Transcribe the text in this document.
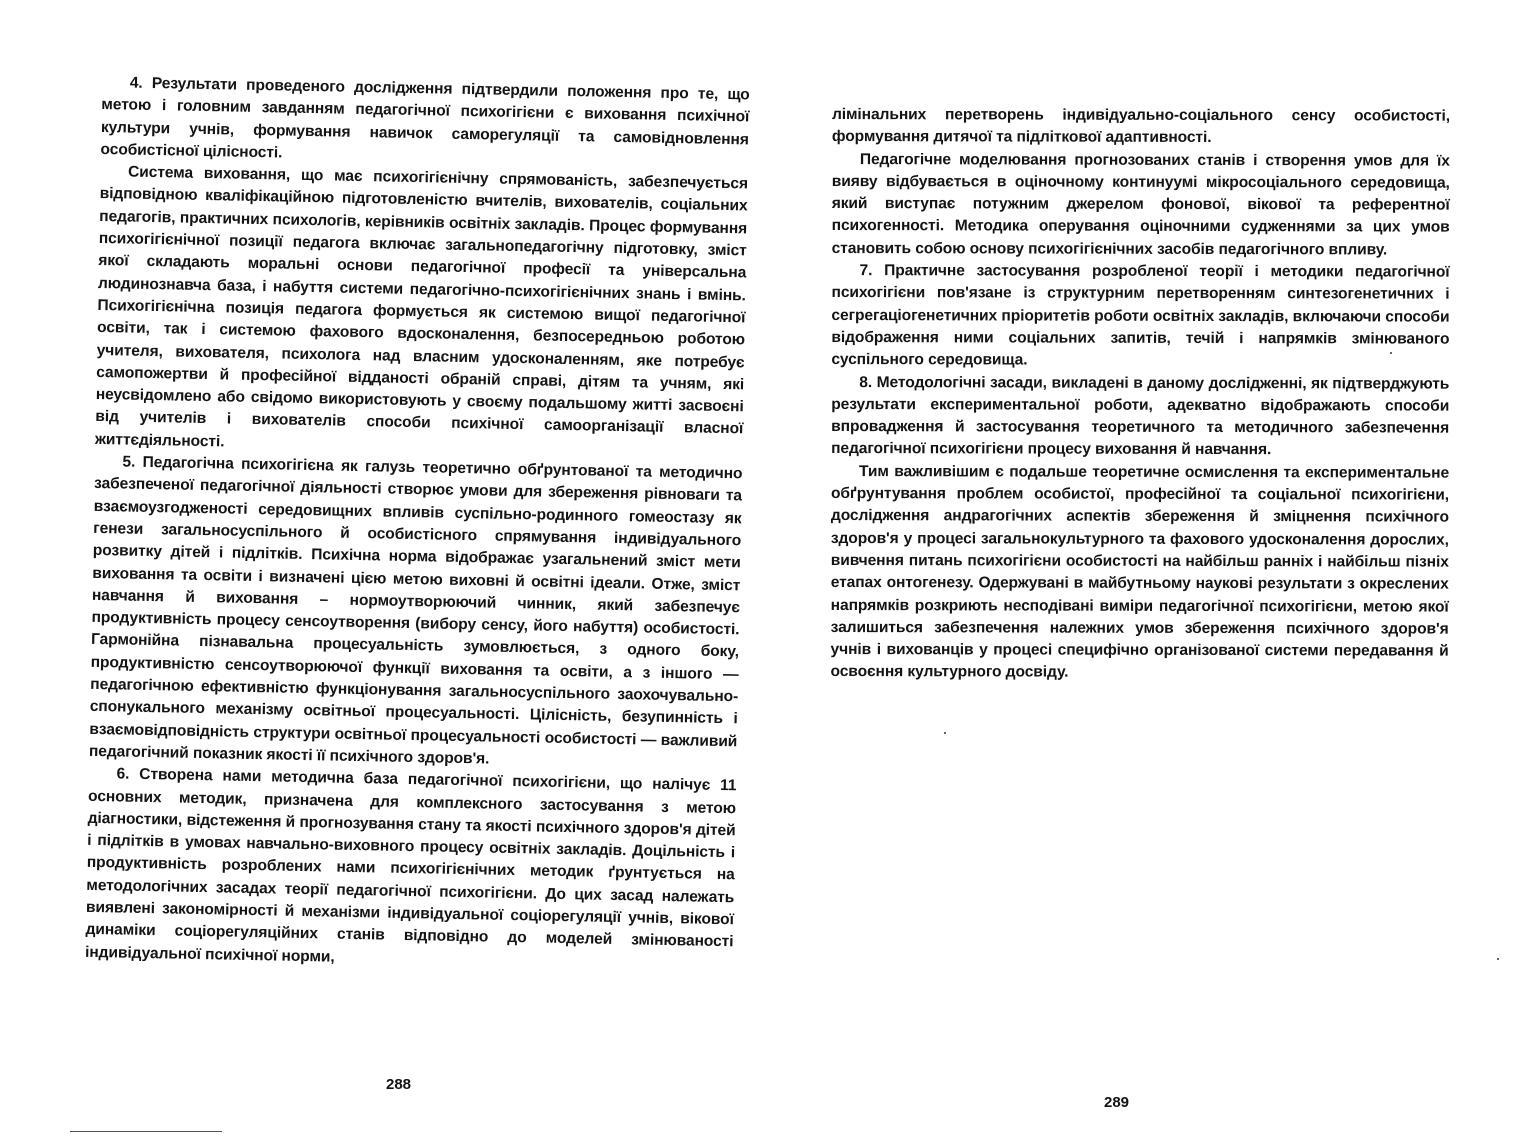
4. Результати проведеного дослідження підтвердили положення про те, що метою і головним завданням педагогічної психогігієни є виховання психічної культури учнів, формування навичок саморегуляції та самовідновлення особистісної цілісності.

Система виховання, що має психогігієнічну спрямованість, забезпечується відповідною кваліфікаційною підготовленістю вчителів, вихователів, соціальних педагогів, практичних психологів, керівників освітніх закладів. Процес формування психогігієнічної позиції педагога включає загальнопедагогічну підготовку, зміст якої складають моральні основи педагогічної професії та універсальна людинознавча база, і набуття системи педагогічно-психогігієнічних знань і вмінь. Психогігієнічна позиція педагога формується як системою вищої педагогічної освіти, так і системою фахового вдосконалення, безпосередньою роботою учителя, вихователя, психолога над власним удосконаленням, яке потребує самопожертви й професійної відданості обраній справі, дітям та учням, які неусвідомлено або свідомо використовують у своєму подальшому житті засвоєні від учителів і вихователів способи психічної самоорганізації власної життєдіяльності.

5. Педагогічна психогігієна як галузь теоретично обґрунтованої та методично забезпеченої педагогічної діяльності створює умови для збереження рівноваги та взаємоузгодженості середовищних впливів суспільно-родинного гомеостазу як генези загальносуспільного й особистісного спрямування індивідуального розвитку дітей і підлітків. Психічна норма відображає узагальнений зміст мети виховання та освіти і визначені цією метою виховні й освітні ідеали. Отже, зміст навчання й виховання – нормоутворюючий чинник, який забезпечує продуктивність процесу сенсоутворення (вибору сенсу, його набуття) особистості. Гармонійна пізнавальна процесуальність зумовлюється, з одного боку, продуктивністю сенсоутворюючої функції виховання та освіти, а з іншого — педагогічною ефективністю функціонування загальносуспільного заохочувально-спонукального механізму освітньої процесуальності. Цілісність, безупинність і взаємовідповідність структури освітньої процесуальності особистості — важливий педагогічний показник якості її психічного здоров'я.

6. Створена нами методична база педагогічної психогігієни, що налічує 11 основних методик, призначена для комплексного застосування з метою діагностики, відстеження й прогнозування стану та якості психічного здоров'я дітей і підлітків в умовах навчально-виховного процесу освітніх закладів. Доцільність і продуктивність розроблених нами психогігієнічних методик ґрунтується на методологічних засадах теорії педагогічної психогігієни. До цих засад належать виявлені закономірності й механізми індивідуальної соціорегуляції учнів, вікової динаміки соціорегуляційних станів відповідно до моделей змінюваності індивідуальної психічної норми,

288

лімінальних перетворень індивідуально-соціального сенсу особистості, формування дитячої та підліткової адаптивності.

Педагогічне моделювання прогнозованих станів і створення умов для їх вияву відбувається в оціночному континуумі мікросоціального середовища, який виступає потужним джерелом фонової, вікової та референтної психогенності. Методика оперування оціночними судженнями за цих умов становить собою основу психогігієнічних засобів педагогічного впливу.

7. Практичне застосування розробленої теорії і методики педагогічної психогігієни пов'язане із структурним перетворенням синтезогенетичних і сегрегаціогенетичних пріоритетів роботи освітніх закладів, включаючи способи відображення ними соціальних запитів, течій і напрямків змінюваного суспільного середовища.

8. Методологічні засади, викладені в даному дослідженні, як підтверджують результати експериментальної роботи, адекватно відображають способи впровадження й застосування теоретичного та методичного забезпечення педагогічної психогігієни процесу виховання й навчання.

Тим важливішим є подальше теоретичне осмислення та експериментальне обґрунтування проблем особистої, професійної та соціальної психогігієни, дослідження андрагогічних аспектів збереження й зміцнення психічного здоров'я у процесі загальнокультурного та фахового удосконалення дорослих, вивчення питань психогігієни особистості на найбільш ранніх і найбільш пізніх етапах онтогенезу. Одержувані в майбутньому наукові результати з окреслених напрямків розкриють несподівані виміри педагогічної психогігієни, метою якої залишиться забезпечення належних умов збереження психічного здоров'я учнів і вихованців у процесі специфічно організованої системи передавання й освоєння культурного досвіду.

289
